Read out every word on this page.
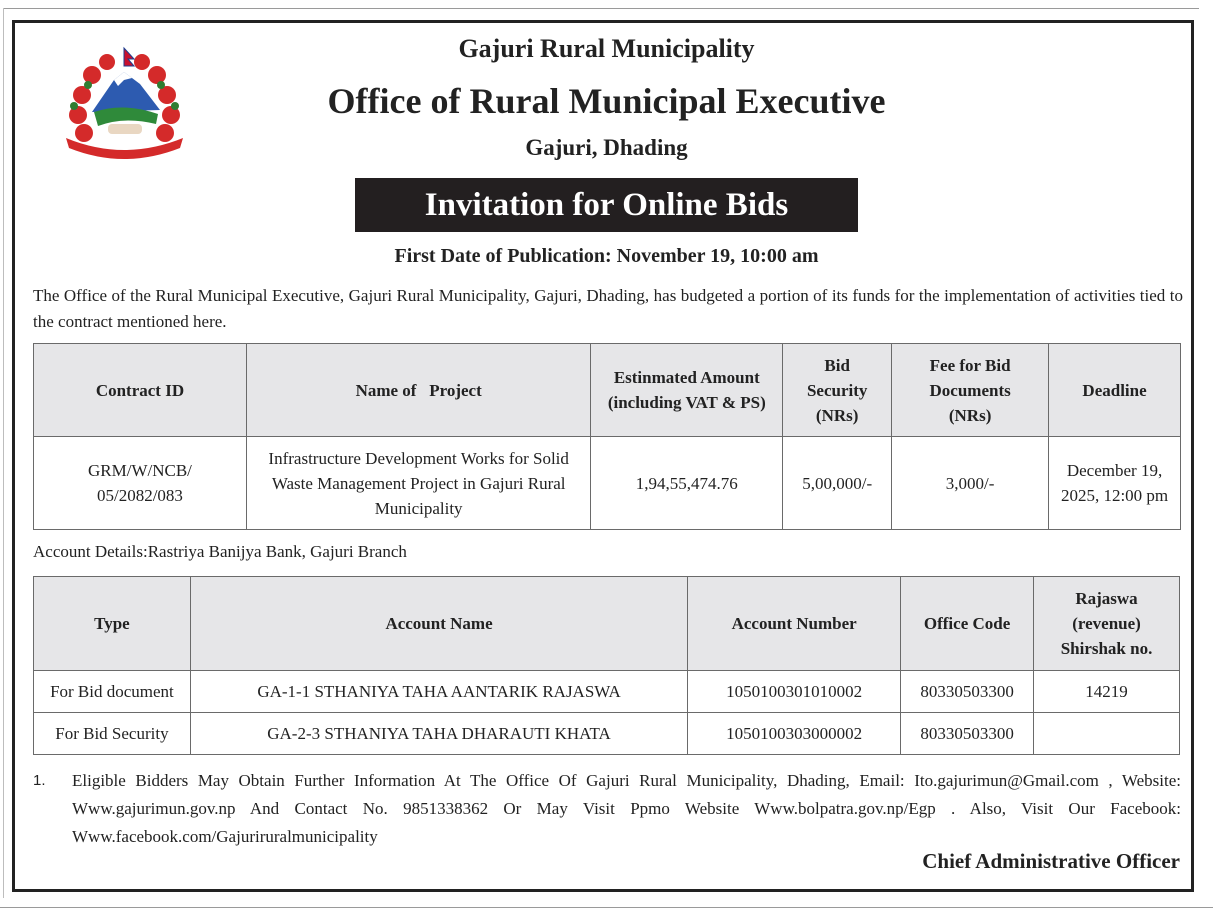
Gajuri Rural Municipality
Office of Rural Municipal Executive
Gajuri, Dhading
Invitation for Online Bids
First Date of Publication: November 19, 10:00 am
The Office of the Rural Municipal Executive, Gajuri Rural Municipality, Gajuri, Dhading, has budgeted a portion of its funds for the implementation of activities tied to the contract mentioned here.
Contract ID	Name of   Project	Estinmated Amount (including VAT & PS)	Bid Security (NRs)	Fee for Bid Documents (NRs)	Deadline
GRM/W/NCB/ 05/2082/083	Infrastructure Development Works for Solid Waste Management Project in Gajuri Rural Municipality	1,94,55,474.76	5,00,000/-	3,000/-	December 19, 2025, 12:00 pm
Account Details:Rastriya Banijya Bank, Gajuri Branch
Type	Account Name	Account Number	Office Code	Rajaswa (revenue) Shirshak no.
For Bid document	GA-1-1 STHANIYA TAHA AANTARIK RAJASWA	1050100301010002	80330503300	14219
For Bid Security	GA-2-3 STHANIYA TAHA DHARAUTI KHATA	1050100303000002	80330503300	
1. Eligible Bidders May Obtain Further Information At The Office Of Gajuri Rural Municipality, Dhading, Email: Ito.gajurimun@Gmail.com , Website: Www.gajurimun.gov.np And Contact No. 9851338362 Or May Visit Ppmo Website Www.bolpatra.gov.np/Egp . Also, Visit Our Facebook: Www.facebook.com/Gajuriruralmunicipality
Chief Administrative Officer
